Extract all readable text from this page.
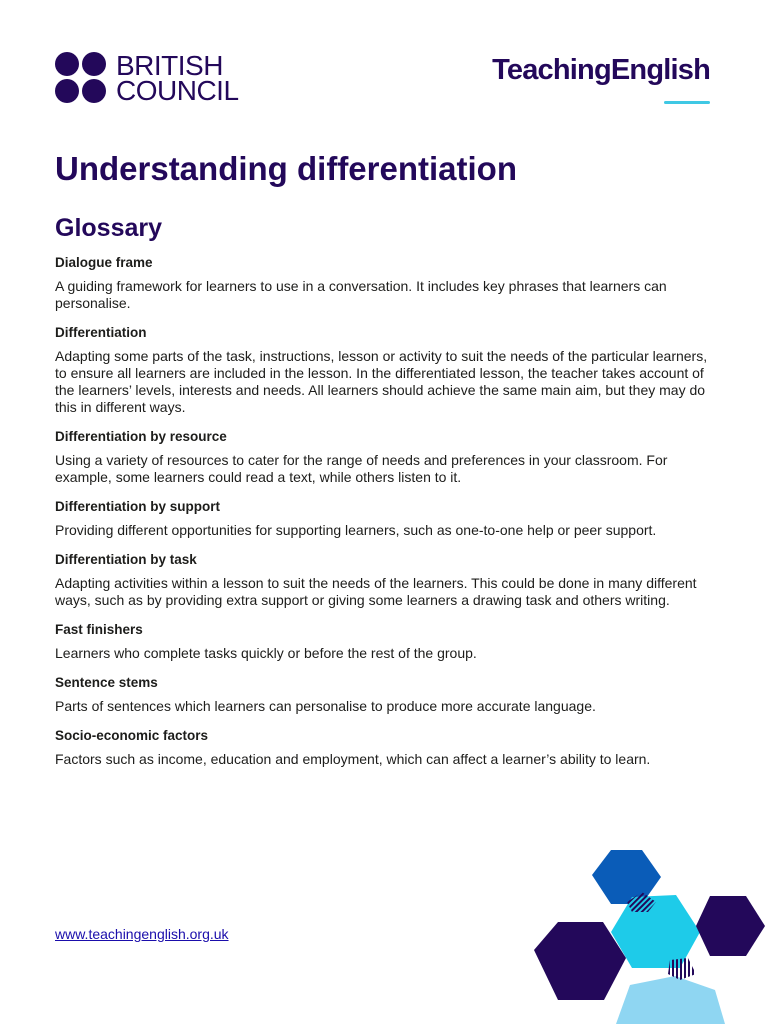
BRITISH
COUNCIL
TeachingEnglish
Understanding differentiation
Glossary

Dialogue frame

A guiding framework for learners to use in a conversation. It includes key phrases that learners can personalise.

Differentiation

Adapting some parts of the task, instructions, lesson or activity to suit the needs of the particular learners, to ensure all learners are included in the lesson. In the differentiated lesson, the teacher takes account of the learners’ levels, interests and needs. All learners should achieve the same main aim, but they may do this in different ways.

Differentiation by resource

Using a variety of resources to cater for the range of needs and preferences in your classroom. For example, some learners could read a text, while others listen to it.

Differentiation by support

Providing different opportunities for supporting learners, such as one-to-one help or peer support.

Differentiation by task

Adapting activities within a lesson to suit the needs of the learners. This could be done in many different ways, such as by providing extra support or giving some learners a drawing task and others writing.

Fast finishers

Learners who complete tasks quickly or before the rest of the group.

Sentence stems

Parts of sentences which learners can personalise to produce more accurate language.

Socio-economic factors

Factors such as income, education and employment, which can affect a learner’s ability to learn.

www.teachingenglish.org.uk
